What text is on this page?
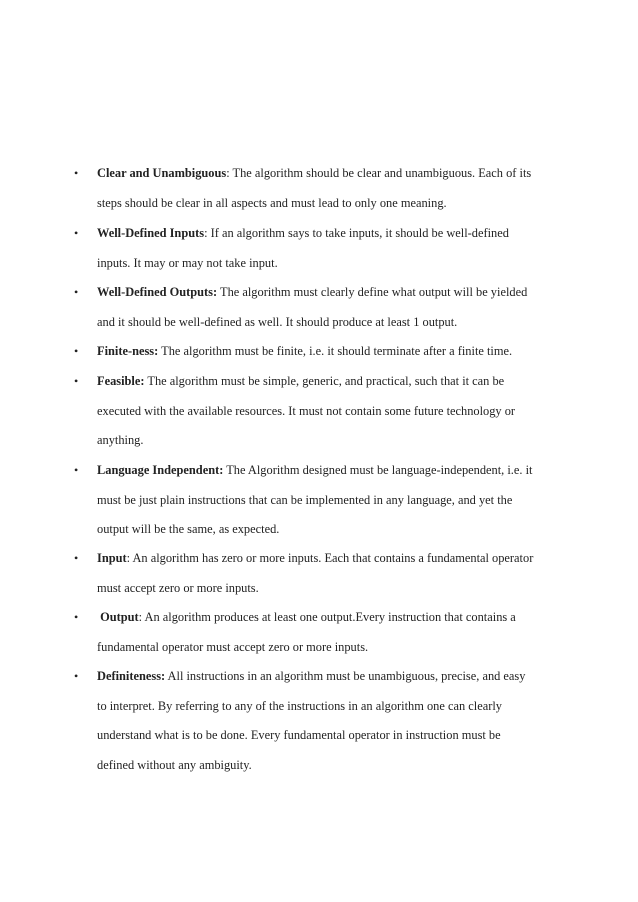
• Clear and Unambiguous: The algorithm should be clear and unambiguous. Each of its
steps should be clear in all aspects and must lead to only one meaning.
• Well-Defined Inputs: If an algorithm says to take inputs, it should be well-defined
inputs. It may or may not take input.
• Well-Defined Outputs: The algorithm must clearly define what output will be yielded
and it should be well-defined as well. It should produce at least 1 output.
• Finite-ness: The algorithm must be finite, i.e. it should terminate after a finite time.
• Feasible: The algorithm must be simple, generic, and practical, such that it can be
executed with the available resources. It must not contain some future technology or
anything.
• Language Independent: The Algorithm designed must be language-independent, i.e. it
must be just plain instructions that can be implemented in any language, and yet the
output will be the same, as expected.
• Input: An algorithm has zero or more inputs. Each that contains a fundamental operator
must accept zero or more inputs.
• Output: An algorithm produces at least one output.Every instruction that contains a
fundamental operator must accept zero or more inputs.
• Definiteness: All instructions in an algorithm must be unambiguous, precise, and easy
to interpret. By referring to any of the instructions in an algorithm one can clearly
understand what is to be done. Every fundamental operator in instruction must be
defined without any ambiguity.
